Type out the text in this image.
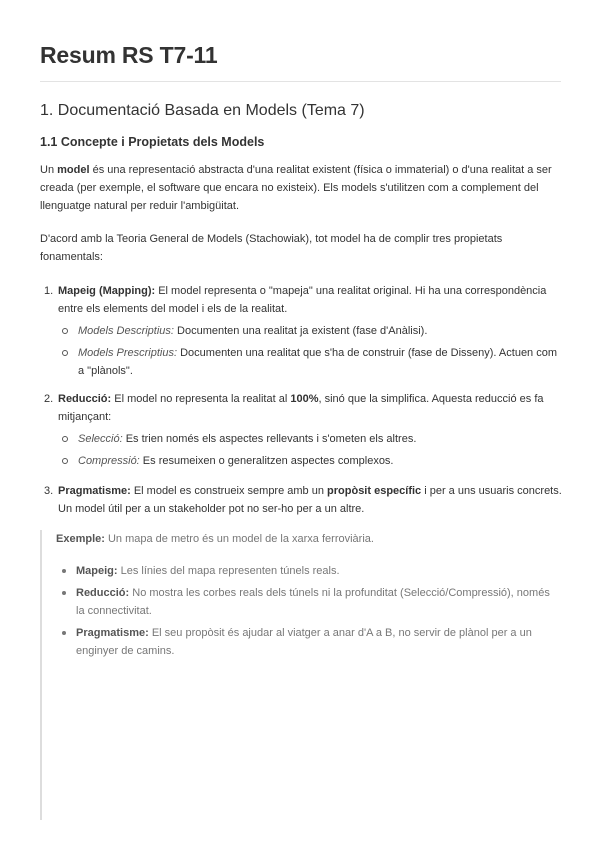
Resum RS T7-11
1. Documentació Basada en Models (Tema 7)
1.1 Concepte i Propietats dels Models

Un model és una representació abstracta d'una realitat existent (física o immaterial) o d'una realitat a ser creada (per exemple, el software que encara no existeix). Els models s'utilitzen com a complement del llenguatge natural per reduir l'ambigüitat.

D'acord amb la Teoria General de Models (Stachowiak), tot model ha de complir tres propietats fonamentals:

1. Mapeig (Mapping): El model representa o "mapeja" una realitat original. Hi ha una correspondència entre els elements del model i els de la realitat.
Models Descriptius: Documenten una realitat ja existent (fase d'Anàlisi).
Models Prescriptius: Documenten una realitat que s'ha de construir (fase de Disseny). Actuen com a "plànols".
2. Reducció: El model no representa la realitat al 100%, sinó que la simplifica. Aquesta reducció es fa mitjançant:
Selecció: Es trien només els aspectes rellevants i s'ometen els altres.
Compressió: Es resumeixen o generalitzen aspectes complexos.
3. Pragmatisme: El model es construeix sempre amb un propòsit específic i per a uns usuaris concrets. Un model útil per a un stakeholder pot no ser-ho per a un altre.
Exemple: Un mapa de metro és un model de la xarxa ferroviària.
Mapeig: Les línies del mapa representen túnels reals.
Reducció: No mostra les corbes reals dels túnels ni la profunditat (Selecció/Compressió), només la connectivitat.
Pragmatisme: El seu propòsit és ajudar al viatger a anar d'A a B, no servir de plànol per a un enginyer de camins.
